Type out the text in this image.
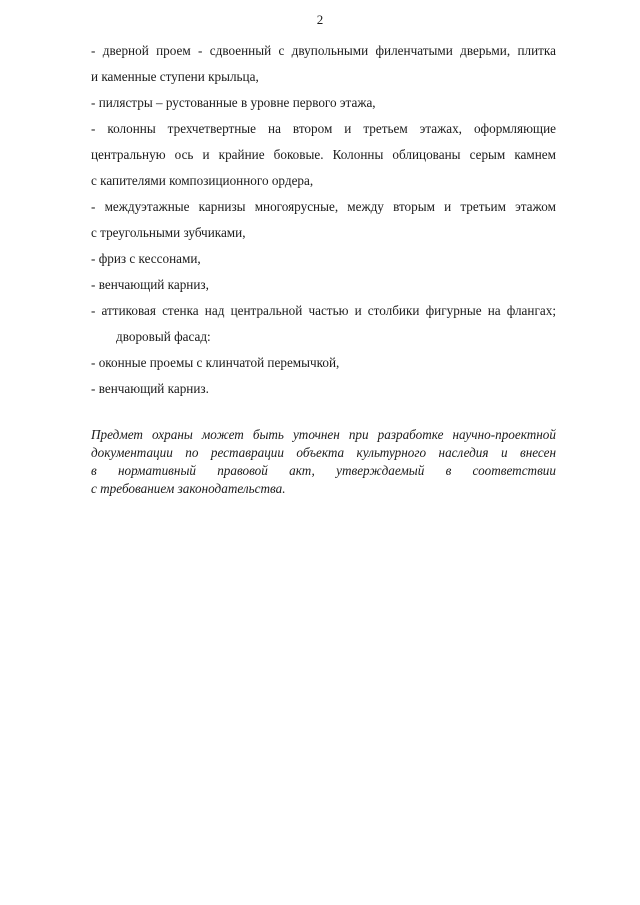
2
- дверной проем - сдвоенный с двупольными филенчатыми дверьми, плитка
и каменные ступени крыльца,
- пилястры – рустованные в уровне первого этажа,
- колонны трехчетвертные на втором и третьем этажах, оформляющие
центральную ось и крайние боковые. Колонны облицованы серым камнем
с капителями композиционного ордера,
- междуэтажные карнизы многоярусные, между вторым и третьим этажом
с треугольными зубчиками,
- фриз с кессонами,
- венчающий карниз,
- аттиковая стенка над центральной частью и столбики фигурные на флангах;
дворовый фасад:
- оконные проемы с клинчатой перемычкой,
- венчающий карниз.
Предмет охраны может быть уточнен при разработке научно-проектной
документации по реставрации объекта культурного наследия и внесен
в нормативный правовой акт, утверждаемый в соответствии
с требованием законодательства.
